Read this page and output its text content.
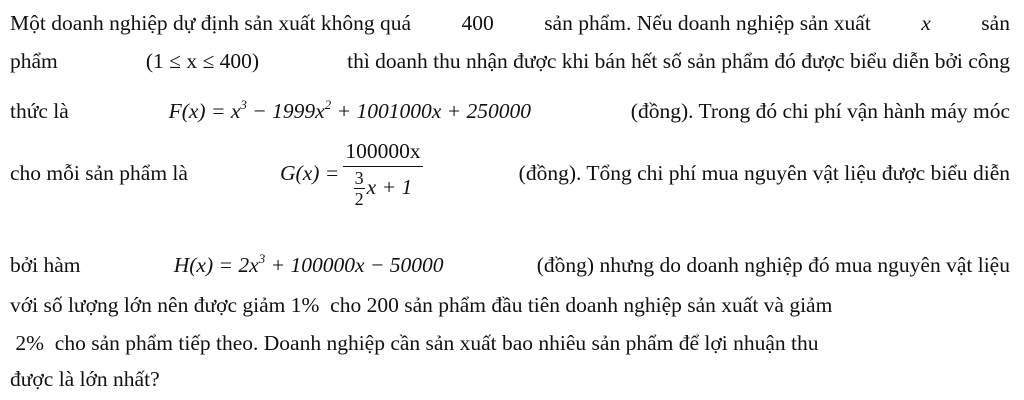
Một doanh nghiệp dự định sản xuất không quá 400 sản phẩm. Nếu doanh nghiệp sản xuất x sản
phẩm	(1 ≤ x ≤ 400)	thì doanh thu nhận được khi bán hết số sản phẩm đó được biểu diễn bởi công
thức là	$F(x) = x^3 - 1999x^2 + 1001000x + 250000$	(đồng). Trong đó chi phí vận hành máy móc
cho mỗi sản phẩm là	$G(x) = \frac{100000x}{\frac{3}{2} x + 1}$	(đồng). Tổng chi phí mua nguyên vật liệu được biểu diễn
bởi hàm	$H(x) = 2x^3 + 100000x - 50000$	(đồng) nhưng do doanh nghiệp đó mua nguyên vật liệu
với số lượng lớn nên được giảm 1%  cho 200 sản phẩm đầu tiên doanh nghiệp sản xuất và giảm
2%  cho sản phẩm tiếp theo. Doanh nghiệp cần sản xuất bao nhiêu sản phẩm để lợi nhuận thu
được là lớn nhất?
